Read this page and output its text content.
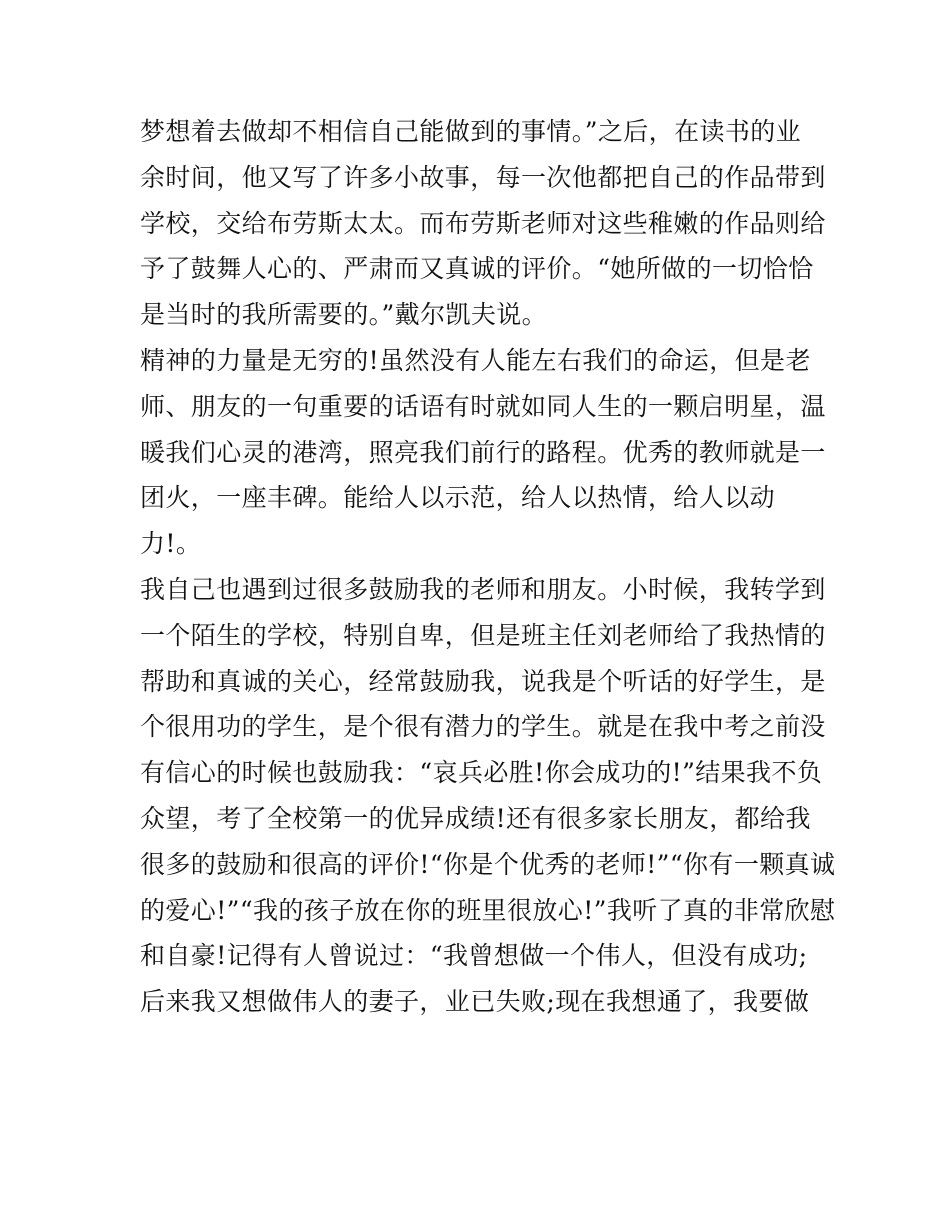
梦想着去做却不相信自己能做到的事情。”之后，在读书的业
余时间，他又写了许多小故事，每一次他都把自己的作品带到
学校，交给布劳斯太太。而布劳斯老师对这些稚嫩的作品则给
予了鼓舞人心的、严肃而又真诚的评价。“她所做的一切恰恰
是当时的我所需要的。”戴尔凯夫说。
精神的力量是无穷的!虽然没有人能左右我们的命运，但是老
师、朋友的一句重要的话语有时就如同人生的一颗启明星，温
暖我们心灵的港湾，照亮我们前行的路程。优秀的教师就是一
团火，一座丰碑。能给人以示范，给人以热情，给人以动
力!。
我自己也遇到过很多鼓励我的老师和朋友。小时候，我转学到
一个陌生的学校，特别自卑，但是班主任刘老师给了我热情的
帮助和真诚的关心，经常鼓励我，说我是个听话的好学生，是
个很用功的学生，是个很有潜力的学生。就是在我中考之前没
有信心的时候也鼓励我：“哀兵必胜!你会成功的!”结果我不负
众望，考了全校第一的优异成绩!还有很多家长朋友，都给我
很多的鼓励和很高的评价!“你是个优秀的老师!”“你有一颗真诚
的爱心!”“我的孩子放在你的班里很放心!”我听了真的非常欣慰
和自豪!记得有人曾说过：“我曾想做一个伟人，但没有成功;
后来我又想做伟人的妻子，业已失败;现在我想通了，我要做
